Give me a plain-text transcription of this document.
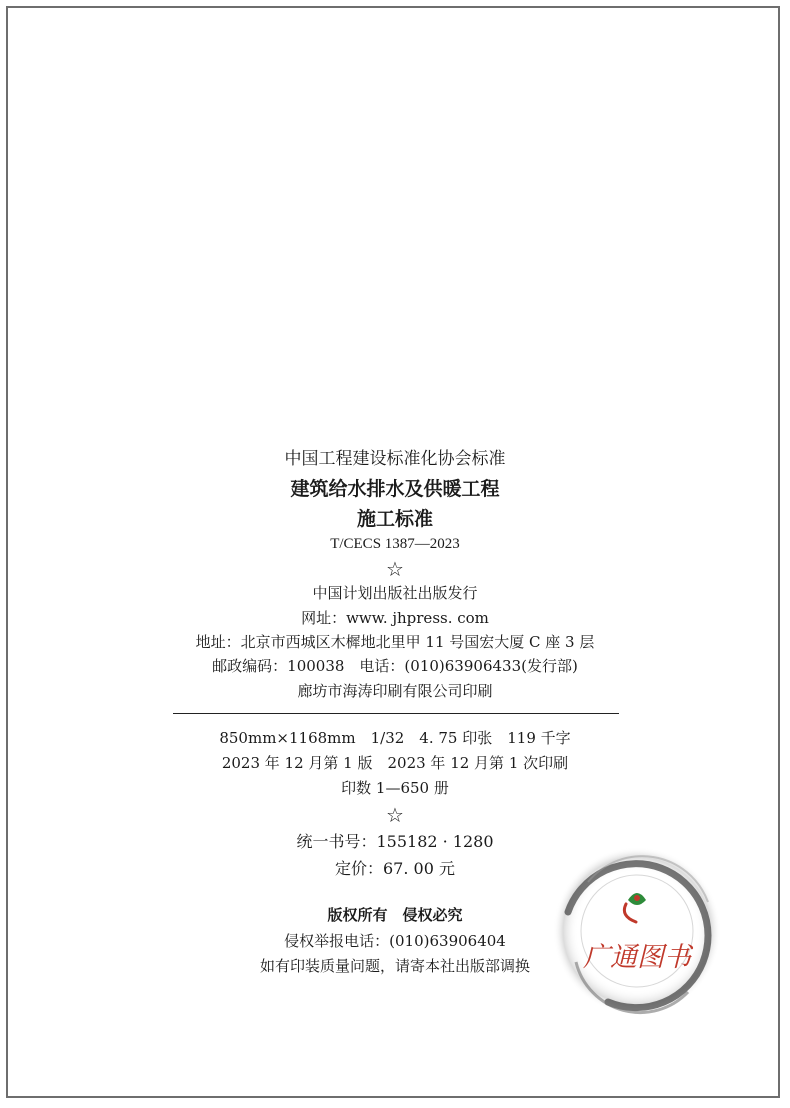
中国工程建设标准化协会标准
建筑给水排水及供暖工程
施工标准
T/CECS 1387—2023
☆
中国计划出版社出版发行
网址：www. jhpress. com
地址：北京市西城区木樨地北里甲 11 号国宏大厦 C 座 3 层
邮政编码：100038　电话：(010)63906433(发行部)
廊坊市海涛印刷有限公司印刷
850mm×1168mm　1/32　4. 75 印张　119 千字
2023 年 12 月第 1 版　2023 年 12 月第 1 次印刷
印数 1—650 册
☆
统一书号：155182 · 1280
定价：67. 00 元
版权所有　侵权必究
侵权举报电话：(010)63906404
如有印装质量问题，请寄本社出版部调换	广通图书
